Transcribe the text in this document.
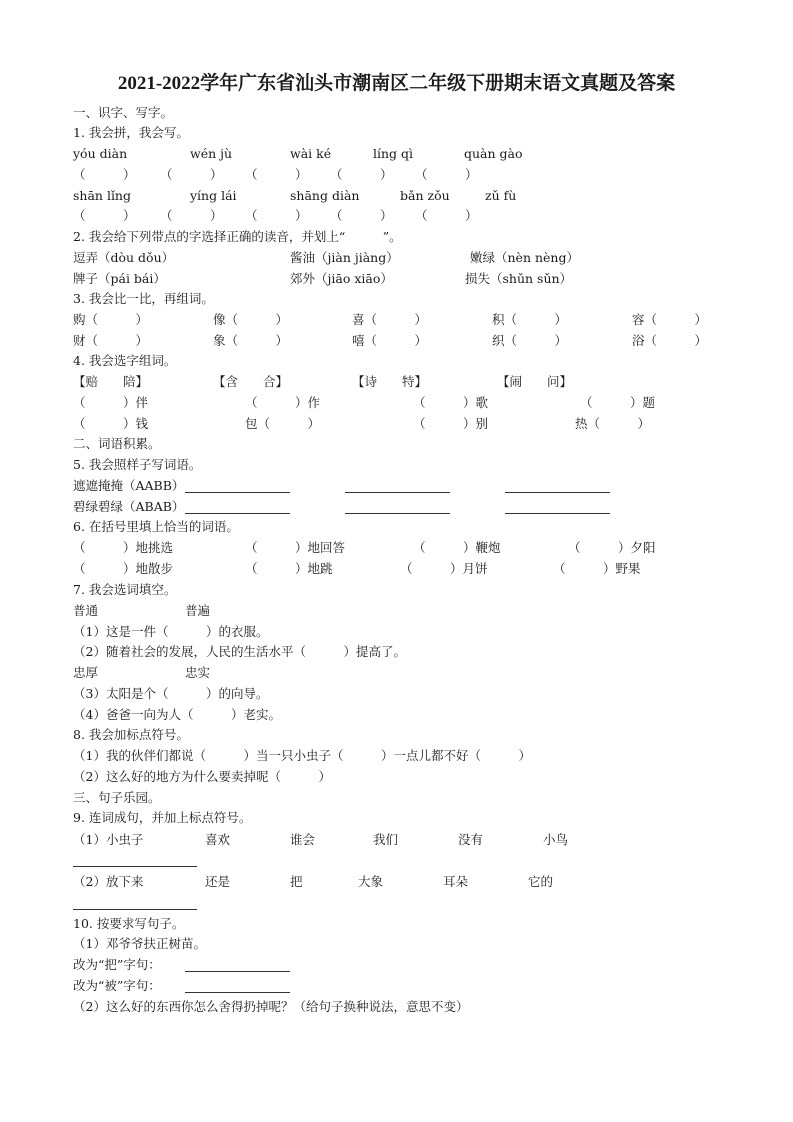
2021-2022学年广东省汕头市潮南区二年级下册期末语文真题及答案
一、识字、写字。
1. 我会拼，我会写。
yóu diàn	wén jù	wài ké	líng qì	quàn gào
（　　　） （　　　） （　　　） （　　　） （　　　）
shān lǐng	yíng lái	shāng diàn	bǎn zǒu	zǔ fù
（　　　） （　　　） （　　　） （　　　） （　　　）
2. 我会给下列带点的字选择正确的读音，并划上“　　　”。
逗弄（dòu dǒu）	酱油（jiàn jiàng）	嫩绿（nèn nèng）
牌子（pái bái）	郊外（jiāo xiāo）	损失（shǔn sǔn）
3. 我会比一比，再组词。
购（　　　）	像（　　　）	喜（　　　）	积（　　　）	容（　　　）
财（　　　）	象（　　　）	嘻（　　　）	织（　　　）	浴（　　　）
4. 我会选字组词。
【赔　　陪】	【含　　合】	【诗　　特】	【闹　　问】
（　　　）伴	（　　　）作	（　　　）歌	（　　　）题
（　　　）钱	包（　　　）	（　　　）别	热（　　　）
二、词语积累。
5. 我会照样子写词语。
遮遮掩掩（AABB）
碧绿碧绿（ABAB）
6. 在括号里填上恰当的词语。
（　　　）地挑选	（　　　）地回答	（　　　）鞭炮	（　　　）夕阳
（　　　）地散步	（　　　）地跳	（　　　）月饼	（　　　）野果
7. 我会选词填空。
普通	普遍
（1）这是一件（　　　）的衣服。
（2）随着社会的发展，人民的生活水平（　　　）提高了。
忠厚	忠实
（3）太阳是个（　　　）的向导。
（4）爸爸一向为人（　　　）老实。
8. 我会加标点符号。
（1）我的伙伴们都说（　　　）当一只小虫子（　　　）一点儿都不好（　　　）
（2）这么好的地方为什么要卖掉呢（　　　）
三、句子乐园。
9. 连词成句，并加上标点符号。
（1）小虫子	喜欢	谁会	我们	没有	小鸟
（2）放下来	还是	把	大象	耳朵	它的
10. 按要求写句子。
（1）邓爷爷扶正树苗。
改为“把”字句：
改为“被”字句：
（2）这么好的东西你怎么舍得扔掉呢？（给句子换种说法，意思不变）
